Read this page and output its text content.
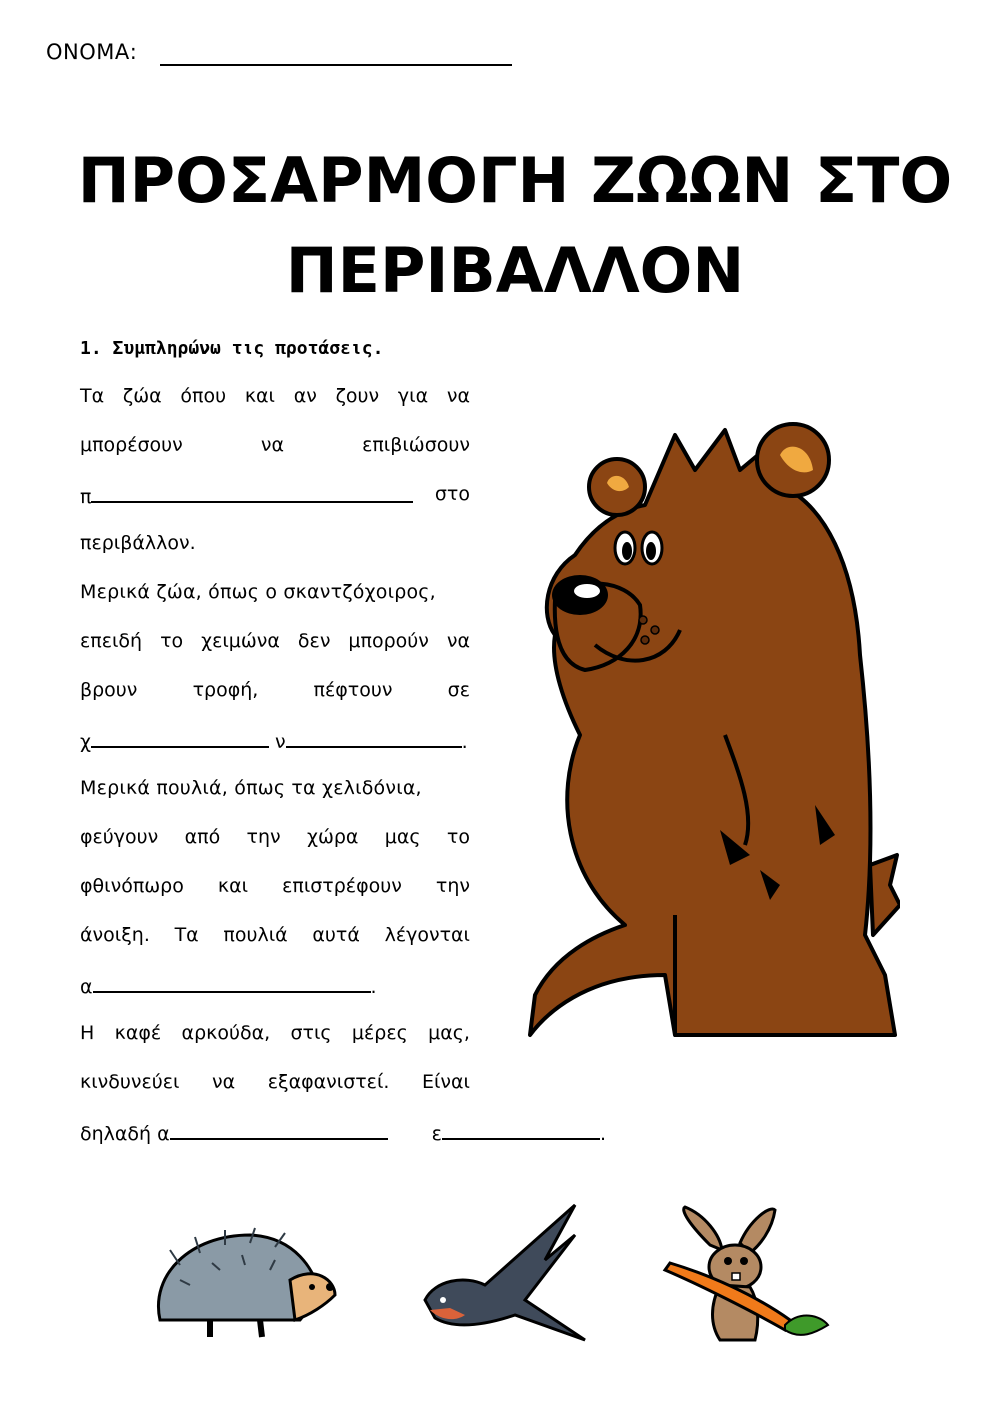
ΟΝΟΜΑ:
ΠΡΟΣΑΡΜΟΓΗ ΖΩΩΝ ΣΤΟ
ΠΕΡΙΒΑΛΛΟΝ
1. Συμπληρώνω τις προτάσεις.
Τα ζώα όπου και αν ζουν για να
μπορέσουν	να	επιβιώσουν
π	στο
περιβάλλον.
Μερικά ζώα, όπως ο σκαντζόχοιρος,
επειδή το χειμώνα δεν μπορούν να
βρουν	τροφή,	πέφτουν	σε
χ	ν	.
Μερικά πουλιά, όπως τα χελιδόνια,
φεύγουν από την χώρα μας το
φθινόπωρο και επιστρέφουν την
άνοιξη. Τα πουλιά αυτά λέγονται
α	.
Η καφέ αρκούδα, στις μέρες μας,
κινδυνεύει να εξαφανιστεί. Είναι
δηλαδή α	ε	.
